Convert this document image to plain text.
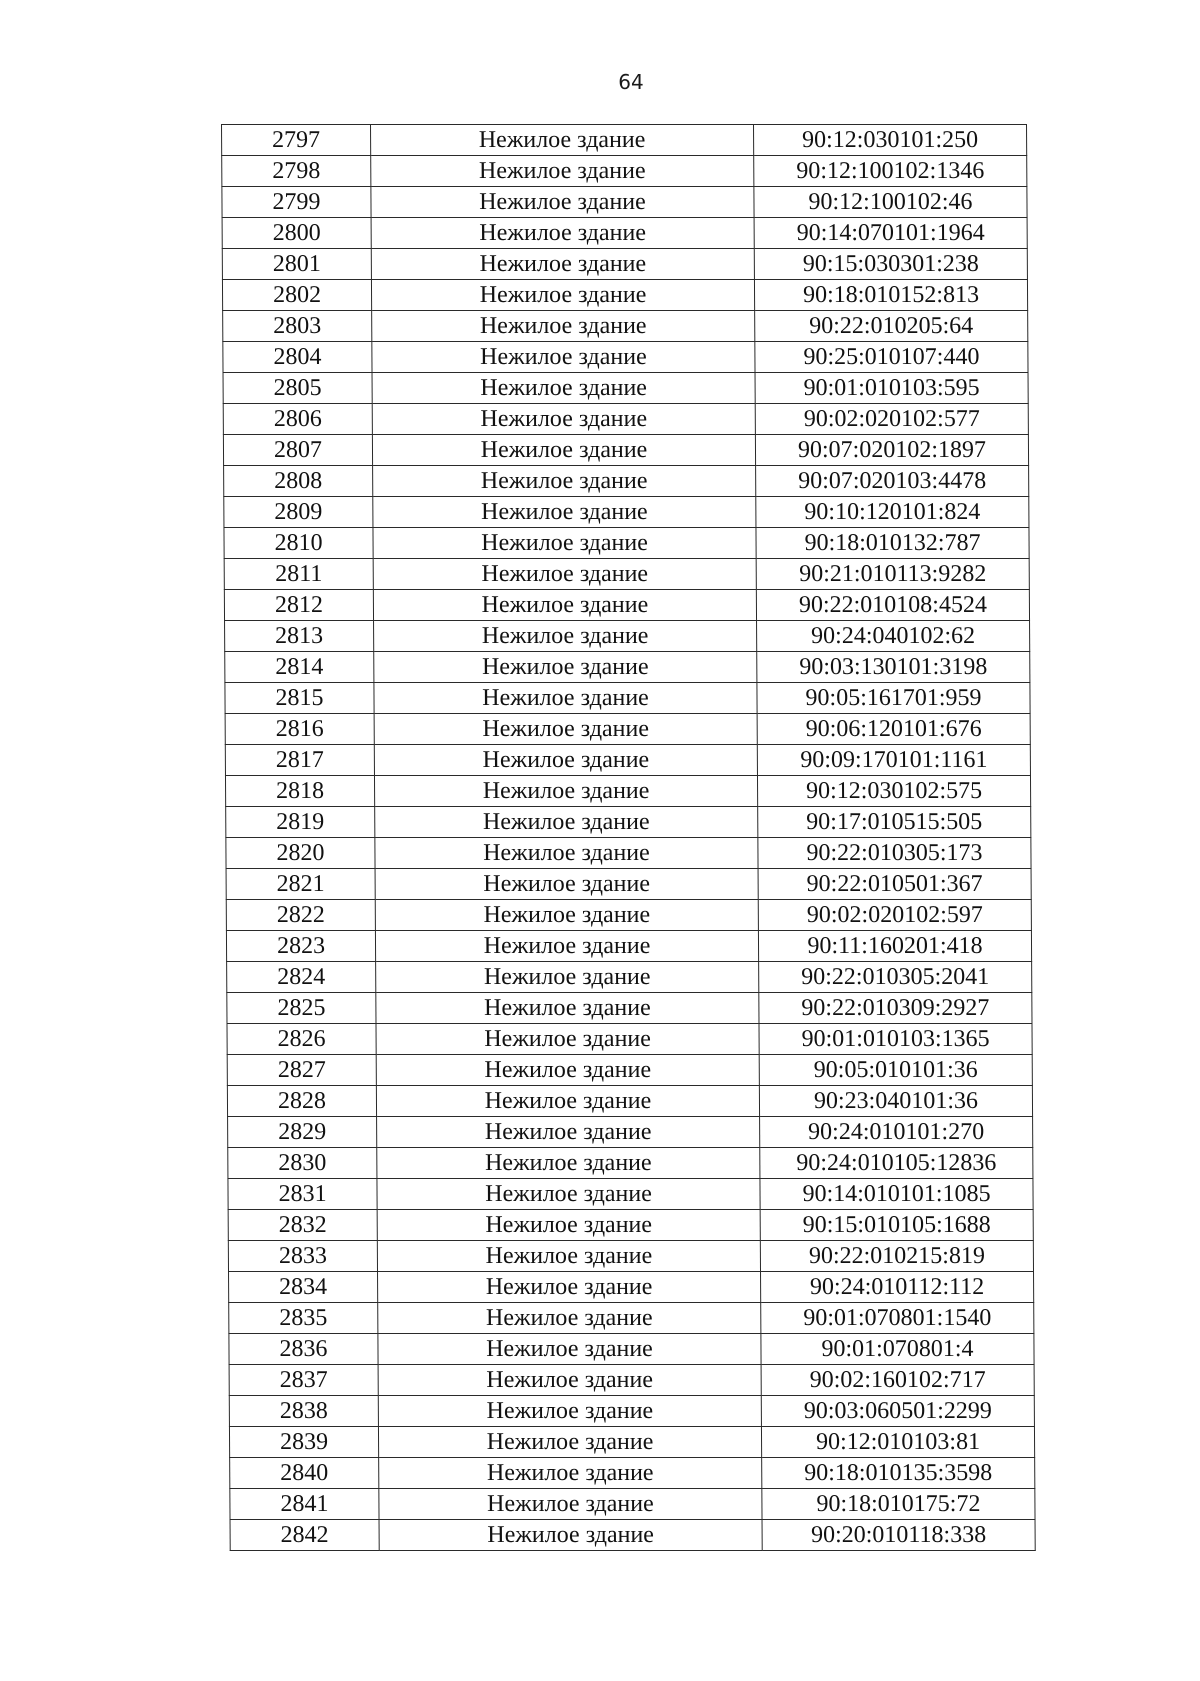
64
2797	Нежилое здание	90:12:030101:250
2798	Нежилое здание	90:12:100102:1346
2799	Нежилое здание	90:12:100102:46
2800	Нежилое здание	90:14:070101:1964
2801	Нежилое здание	90:15:030301:238
2802	Нежилое здание	90:18:010152:813
2803	Нежилое здание	90:22:010205:64
2804	Нежилое здание	90:25:010107:440
2805	Нежилое здание	90:01:010103:595
2806	Нежилое здание	90:02:020102:577
2807	Нежилое здание	90:07:020102:1897
2808	Нежилое здание	90:07:020103:4478
2809	Нежилое здание	90:10:120101:824
2810	Нежилое здание	90:18:010132:787
2811	Нежилое здание	90:21:010113:9282
2812	Нежилое здание	90:22:010108:4524
2813	Нежилое здание	90:24:040102:62
2814	Нежилое здание	90:03:130101:3198
2815	Нежилое здание	90:05:161701:959
2816	Нежилое здание	90:06:120101:676
2817	Нежилое здание	90:09:170101:1161
2818	Нежилое здание	90:12:030102:575
2819	Нежилое здание	90:17:010515:505
2820	Нежилое здание	90:22:010305:173
2821	Нежилое здание	90:22:010501:367
2822	Нежилое здание	90:02:020102:597
2823	Нежилое здание	90:11:160201:418
2824	Нежилое здание	90:22:010305:2041
2825	Нежилое здание	90:22:010309:2927
2826	Нежилое здание	90:01:010103:1365
2827	Нежилое здание	90:05:010101:36
2828	Нежилое здание	90:23:040101:36
2829	Нежилое здание	90:24:010101:270
2830	Нежилое здание	90:24:010105:12836
2831	Нежилое здание	90:14:010101:1085
2832	Нежилое здание	90:15:010105:1688
2833	Нежилое здание	90:22:010215:819
2834	Нежилое здание	90:24:010112:112
2835	Нежилое здание	90:01:070801:1540
2836	Нежилое здание	90:01:070801:4
2837	Нежилое здание	90:02:160102:717
2838	Нежилое здание	90:03:060501:2299
2839	Нежилое здание	90:12:010103:81
2840	Нежилое здание	90:18:010135:3598
2841	Нежилое здание	90:18:010175:72
2842	Нежилое здание	90:20:010118:338
